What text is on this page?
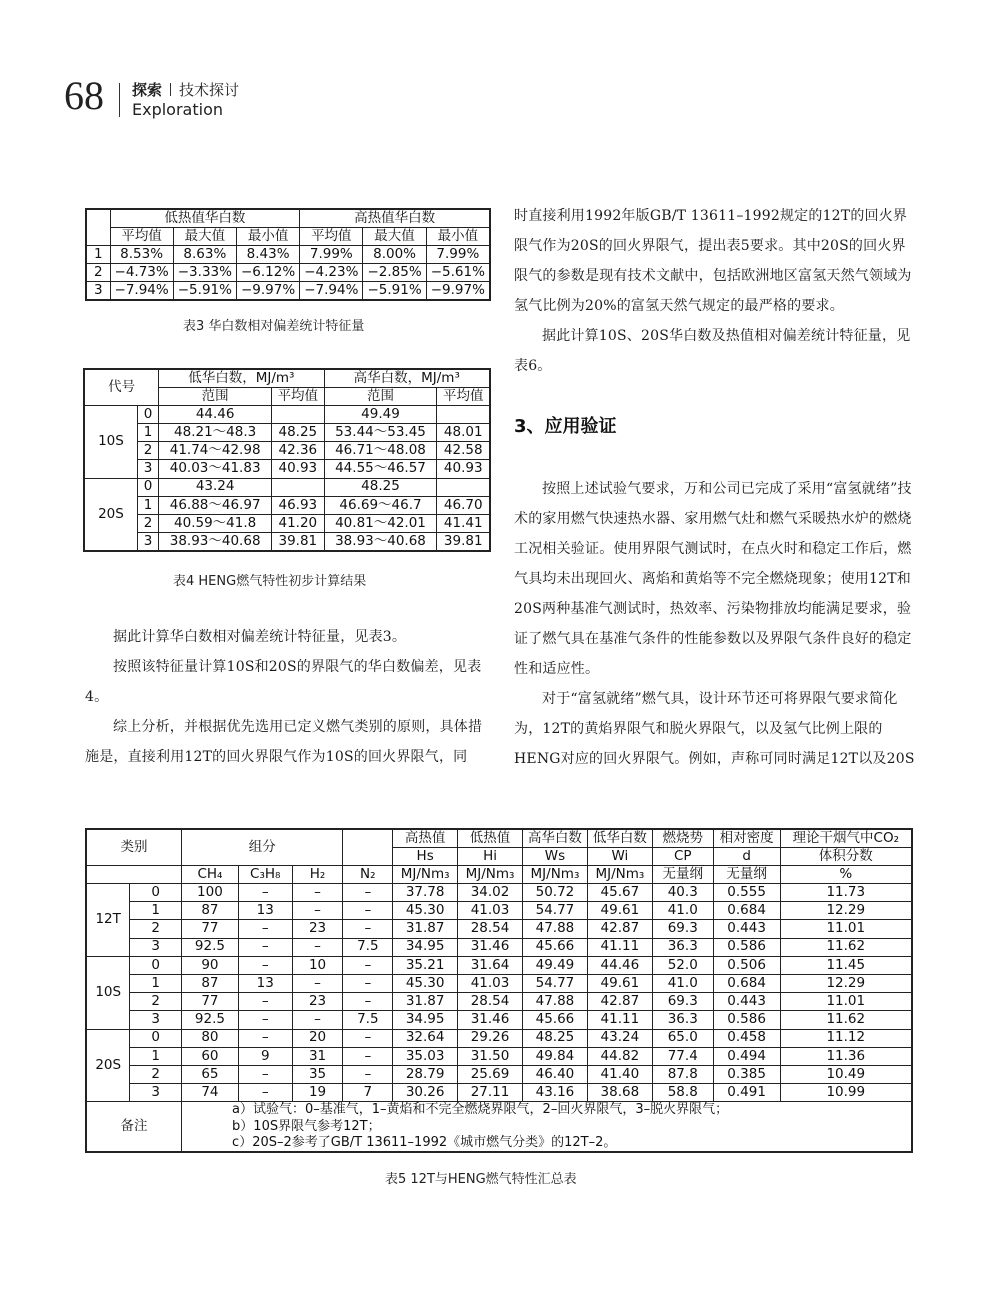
68 探索 技术探讨
Exploration
	低热值华白数			高热值华白数		
	平均值	最大值	最小值	平均值	最大值	最小值
1	8.53%	8.63%	8.43%	7.99%	8.00%	7.99%
2	−4.73%	−3.33%	−6.12%	−4.23%	−2.85%	−5.61%
3	−7.94%	−5.91%	−9.97%	−7.94%	−5.91%	−9.97%
表3 华白数相对偏差统计特征量
代号		低华白数，MJ/m³		高华白数，MJ/m³	
		范围	平均值	范围	平均值
10S	0	44.46		49.49	
	1	48.21～48.3	48.25	53.44～53.45	48.01
	2	41.74～42.98	42.36	46.71～48.08	42.58
	3	40.03～41.83	40.93	44.55～46.57	40.93
20S	0	43.24		48.25	
	1	46.88～46.97	46.93	46.69～46.7	46.70
	2	40.59～41.8	41.20	40.81～42.01	41.41
	3	38.93～40.68	39.81	38.93～40.68	39.81
表4 HENG燃气特性初步计算结果

据此计算华白数相对偏差统计特征量，见表3。

按照该特征量计算10S和20S的界限气的华白数偏差，见表4。

综上分析，并根据优先选用已定义燃气类别的原则，具体措施是，直接利用12T的回火界限气作为10S的回火界限气，同

时直接利用1992年版GB/T 13611–1992规定的12T的回火界限气作为20S的回火界限气，提出表5要求。其中20S的回火界限气的参数是现有技术文献中，包括欧洲地区富氢天然气领域为氢气比例为20%的富氢天然气规定的最严格的要求。

据此计算10S、20S华白数及热值相对偏差统计特征量，见表6。

3、应用验证

按照上述试验气要求，万和公司已完成了采用“富氢就绪”技术的家用燃气快速热水器、家用燃气灶和燃气采暖热水炉的燃烧工况相关验证。使用界限气测试时，在点火时和稳定工作后，燃气具均未出现回火、离焰和黄焰等不完全燃烧现象；使用12T和20S两种基准气测试时，热效率、污染物排放均能满足要求，验证了燃气具在基准气条件的性能参数以及界限气条件良好的稳定性和适应性。

对于“富氢就绪”燃气具，设计环节还可将界限气要求简化为，12T的黄焰界限气和脱火界限气，以及氢气比例上限的HENG对应的回火界限气。例如，声称可同时满足12T以及20S

类别		组分				高热值	低热值	高华白数	低华白数	燃烧势	相对密度	理论干烟气中CO₂
						Hs	Hi	Ws	Wi	CP	d	体积分数
		CH₄	C₃H₈	H₂	N₂	MJ/Nm₃	MJ/Nm₃	MJ/Nm₃	MJ/Nm₃	无量纲	无量纲	%
12T	0	100	–	–	–	37.78	34.02	50.72	45.67	40.3	0.555	11.73
	1	87	13	–	–	45.30	41.03	54.77	49.61	41.0	0.684	12.29
	2	77	–	23	–	31.87	28.54	47.88	42.87	69.3	0.443	11.01
	3	92.5	–	–	7.5	34.95	31.46	45.66	41.11	36.3	0.586	11.62
10S	0	90	–	10	–	35.21	31.64	49.49	44.46	52.0	0.506	11.45
	1	87	13	–	–	45.30	41.03	54.77	49.61	41.0	0.684	12.29
	2	77	–	23	–	31.87	28.54	47.88	42.87	69.3	0.443	11.01
	3	92.5	–	–	7.5	34.95	31.46	45.66	41.11	36.3	0.586	11.62
20S	0	80	–	20	–	32.64	29.26	48.25	43.24	65.0	0.458	11.12
	1	60	9	31	–	35.03	31.50	49.84	44.82	77.4	0.494	11.36
	2	65	–	35	–	28.79	25.69	46.40	41.40	87.8	0.385	10.49
	3	74	–	19	7	30.26	27.11	43.16	38.68	58.8	0.491	10.99
备注		a）试验气：0–基准气，1–黄焰和不完全燃烧界限气，2–回火界限气，3–脱火界限气；
b）10S界限气参考12T；
c）20S–2参考了GB/T 13611–1992《城市燃气分类》的12T–2。										
表5 12T与HENG燃气特性汇总表
